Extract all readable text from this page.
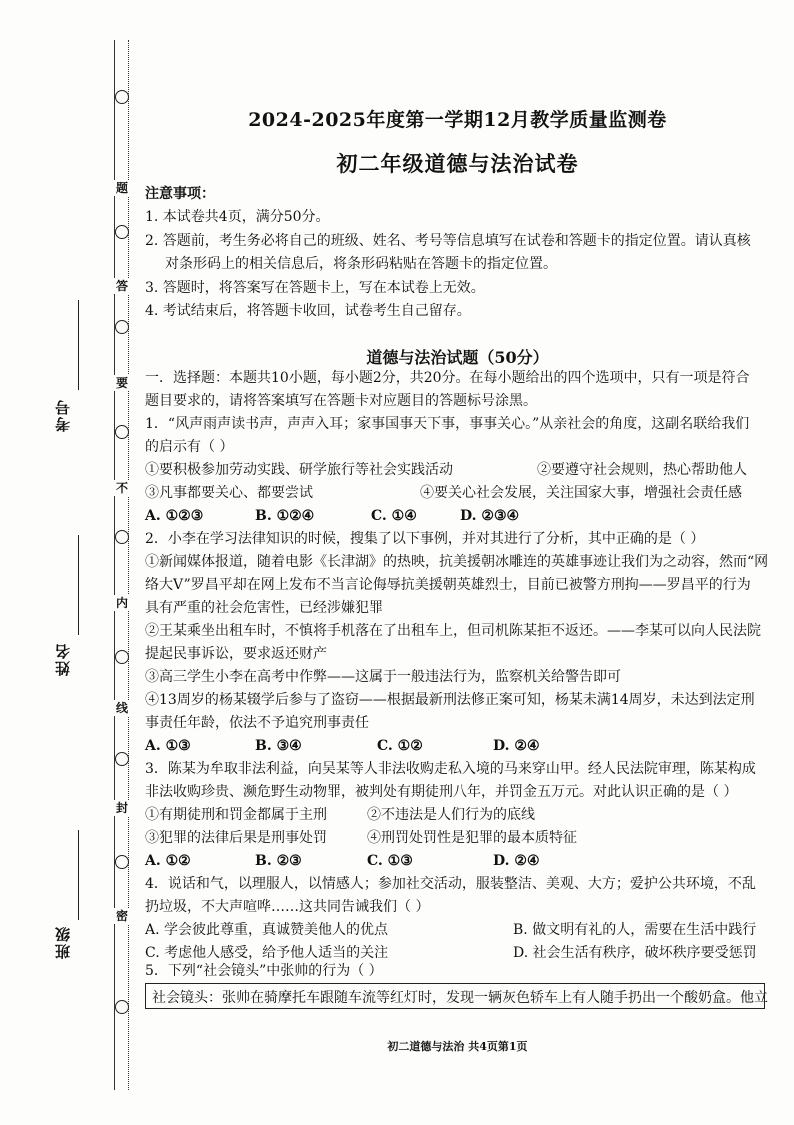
题
答
要
不
内
线
封
密
考号
姓名
班级
2024-2025年度第一学期12月教学质量监测卷
初二年级道德与法治试卷
注意事项：
1. 本试卷共4页，满分50分。
2. 答题前，考生务必将自己的班级、姓名、考号等信息填写在试卷和答题卡的指定位置。请认真核
对条形码上的相关信息后，将条形码粘贴在答题卡的指定位置。
3. 答题时，将答案写在答题卡上，写在本试卷上无效。
4. 考试结束后，将答题卡收回，试卷考生自己留存。
道德与法治试题（50分）
一．选择题：本题共10小题，每小题2分，共20分。在每小题给出的四个选项中，只有一项是符合
题目要求的，请将答案填写在答题卡对应题目的答题标号涂黑。
1．“风声雨声读书声，声声入耳；家事国事天下事，事事关心。”从亲社会的角度，这副名联给我们
的启示有（ ）
①要积极参加劳动实践、研学旅行等社会实践活动	②要遵守社会规则，热心帮助他人
③凡事都要关心、都要尝试	④要关心社会发展，关注国家大事，增强社会责任感
A. ①②③	B. ①②④	C. ①④	D. ②③④
2．小李在学习法律知识的时候，搜集了以下事例，并对其进行了分析，其中正确的是（ ）
①新闻媒体报道，随着电影《长津湖》的热映，抗美援朝冰雕连的英雄事迹让我们为之动容，然而“网
络大V”罗昌平却在网上发布不当言论侮辱抗美援朝英雄烈士，目前已被警方刑拘——罗昌平的行为
具有严重的社会危害性，已经涉嫌犯罪
②王某乘坐出租车时，不慎将手机落在了出租车上，但司机陈某拒不返还。——李某可以向人民法院
提起民事诉讼，要求返还财产
③高三学生小李在高考中作弊——这属于一般违法行为，监察机关给警告即可
④13周岁的杨某辍学后参与了盗窃——根据最新刑法修正案可知，杨某未满14周岁，未达到法定刑
事责任年龄，依法不予追究刑事责任
A. ①③	B. ③④	C. ①②	D. ②④
3．陈某为牟取非法利益，向吴某等人非法收购走私入境的马来穿山甲。经人民法院审理，陈某构成
非法收购珍贵、濒危野生动物罪，被判处有期徒刑八年，并罚金五万元。对此认识正确的是（ ）
①有期徒刑和罚金都属于主刑	②不违法是人们行为的底线
③犯罪的法律后果是刑事处罚	④刑罚处罚性是犯罪的最本质特征
A. ①②	B. ②③	C. ①③	D. ②④
4．说话和气，以理服人，以情感人；参加社交活动，服装整洁、美观、大方；爱护公共环境，不乱
扔垃圾，不大声喧哗……这共同告诫我们（ ）
A. 学会彼此尊重，真诚赞美他人的优点	B. 做文明有礼的人，需要在生活中践行
C. 考虑他人感受，给予他人适当的关注	D. 社会生活有秩序，破坏秩序要受惩罚
5．下列“社会镜头”中张帅的行为（ ）
社会镜头：张帅在骑摩托车跟随车流等红灯时，发现一辆灰色轿车上有人随手扔出一个酸奶盒。他立
初二道德与法治 共4页第1页
